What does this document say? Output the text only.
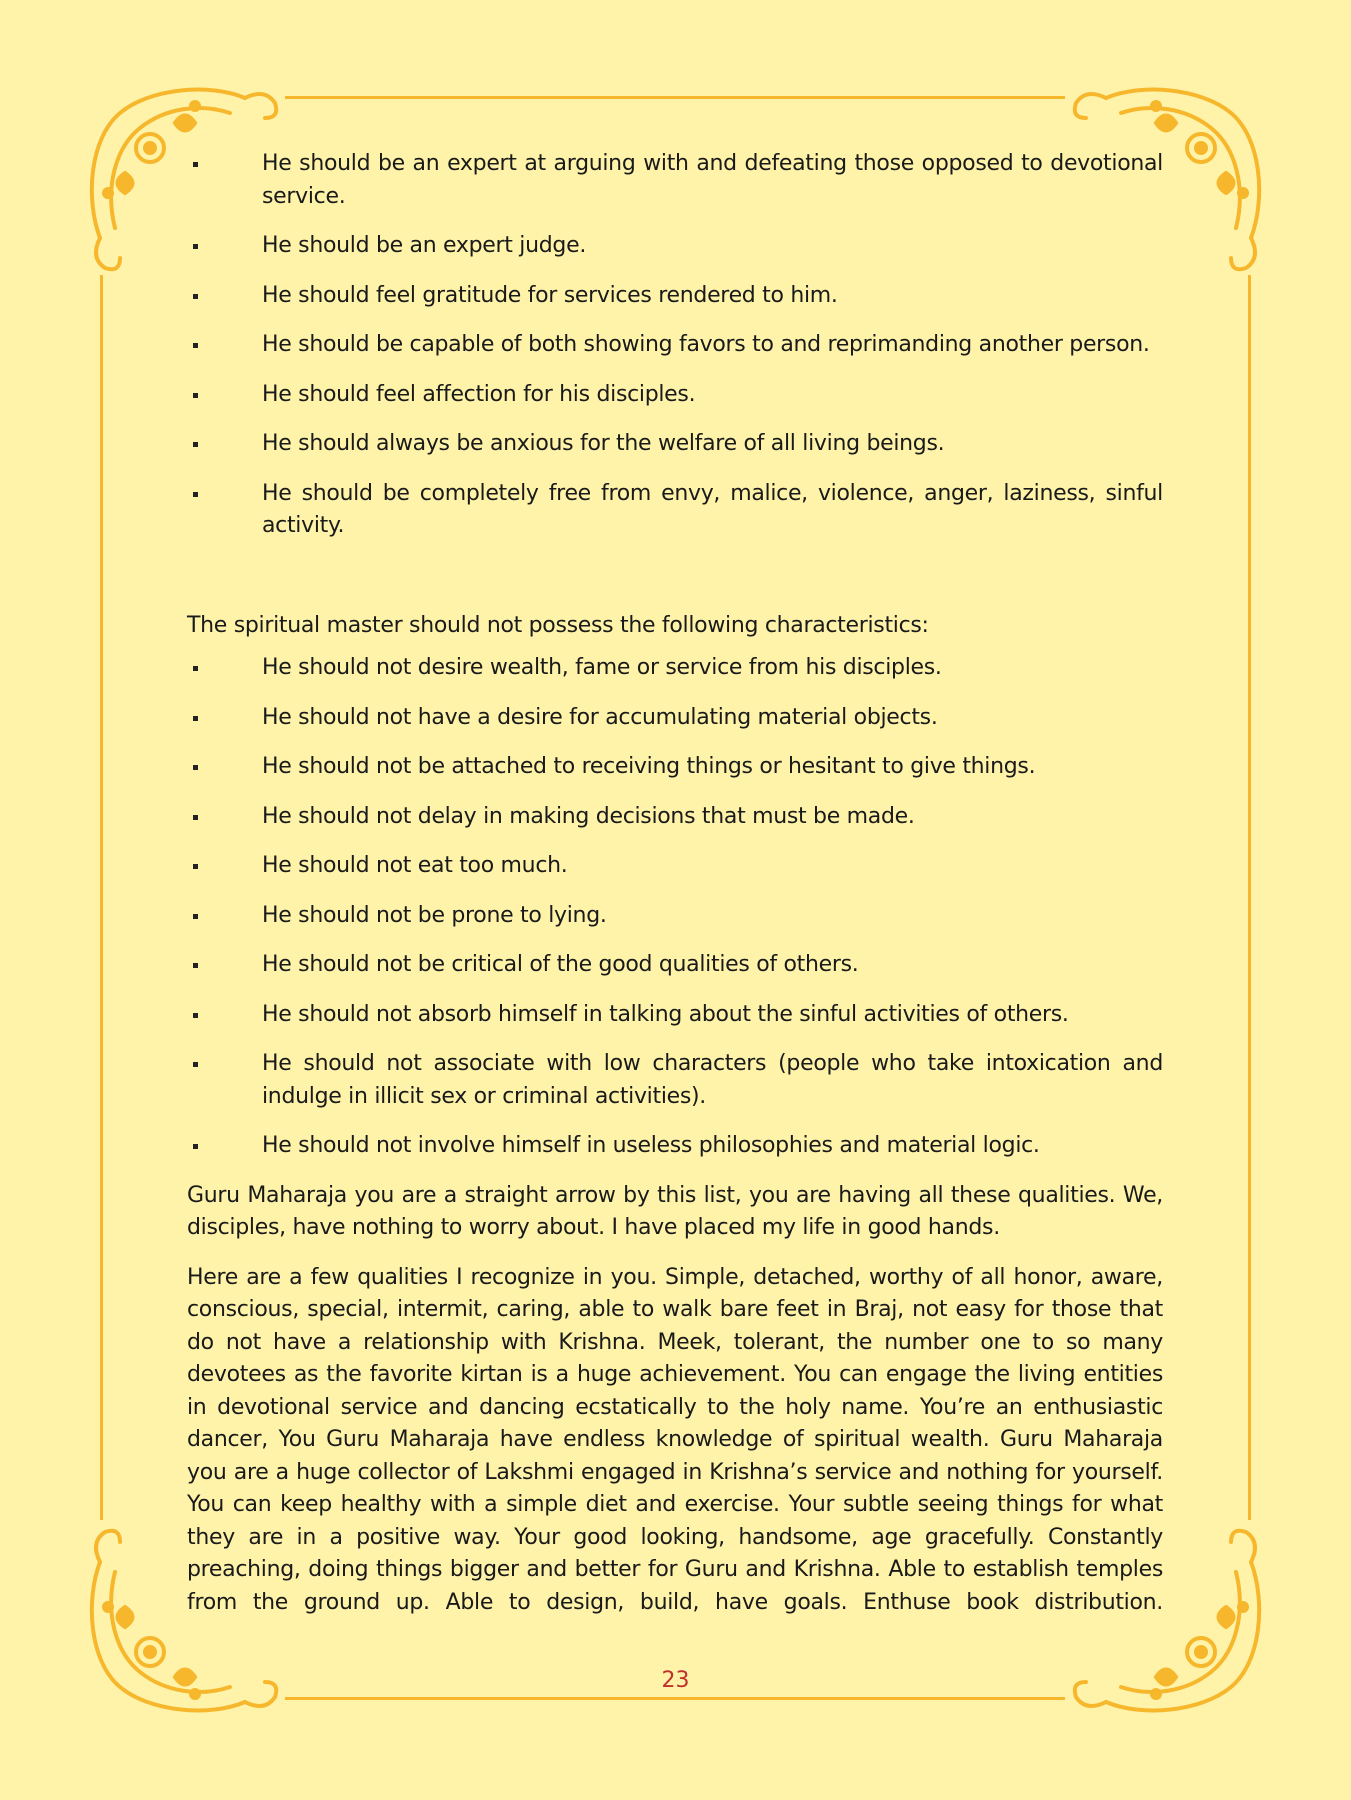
He should be an expert at arguing with and defeating those opposed to devotional service.
He should be an expert judge.
He should feel gratitude for services rendered to him.
He should be capable of both showing favors to and reprimanding another person.
He should feel affection for his disciples.
He should always be anxious for the welfare of all living beings.
He should be completely free from envy, malice, violence, anger, laziness, sinful activity.

The spiritual master should not possess the following characteristics:

He should not desire wealth, fame or service from his disciples.
He should not have a desire for accumulating material objects.
He should not be attached to receiving things or hesitant to give things.
He should not delay in making decisions that must be made.
He should not eat too much.
He should not be prone to lying.
He should not be critical of the good qualities of others.
He should not absorb himself in talking about the sinful activities of others.
He should not associate with low characters (people who take intoxication and indulge in illicit sex or criminal activities).
He should not involve himself in useless philosophies and material logic.

Guru Maharaja you are a straight arrow by this list, you are having all these qualities. We, disciples, have nothing to worry about. I have placed my life in good hands.

Here are a few qualities I recognize in you. Simple, detached, worthy of all honor, aware, conscious, special, intermit, caring, able to walk bare feet in Braj, not easy for those that do not have a relationship with Krishna. Meek, tolerant, the number one to so many devotees as the favorite kirtan is a huge achievement. You can engage the living entities in devotional service and dancing ecstatically to the holy name. You’re an enthusiastic dancer, You Guru Maharaja have endless knowledge of spiritual wealth. Guru Maharaja you are a huge collector of Lakshmi engaged in Krishna’s service and nothing for yourself. You can keep healthy with a simple diet and exercise. Your subtle seeing things for what they are in a positive way. Your good looking, handsome, age gracefully. Constantly preaching, doing things bigger and better for Guru and Krishna. Able to establish temples from the ground up. Able to design, build, have goals. Enthuse book distribution.

23
